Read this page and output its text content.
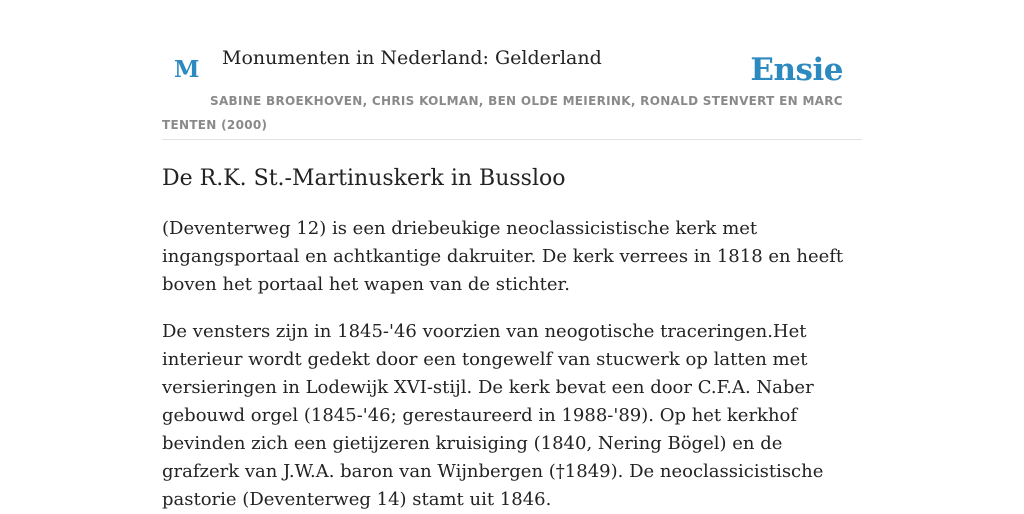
M Monumenten in Nederland: Gelderland	Ensie
SABINE BROEKHOVEN, CHRIS KOLMAN, BEN OLDE MEIERINK, RONALD STENVERT EN MARC TENTEN (2000)
De R.K. St.-Martinuskerk in Bussloo

(Deventerweg 12) is een driebeukige neoclassicistische kerk met ingangsportaal en achtkantige dakruiter. De kerk verrees in 1818 en heeft boven het portaal het wapen van de stichter.

De vensters zijn in 1845-'46 voorzien van neogotische traceringen.Het interieur wordt gedekt door een tongewelf van stucwerk op latten met versieringen in Lodewijk XVI-stijl. De kerk bevat een door C.F.A. Naber gebouwd orgel (1845-'46; gerestaureerd in 1988-'89). Op het kerkhof bevinden zich een gietijzeren kruisiging (1840, Nering Bögel) en de grafzerk van J.W.A. baron van Wijnbergen (†1849). De neoclassicistische pastorie (Deventerweg 14) stamt uit 1846.
